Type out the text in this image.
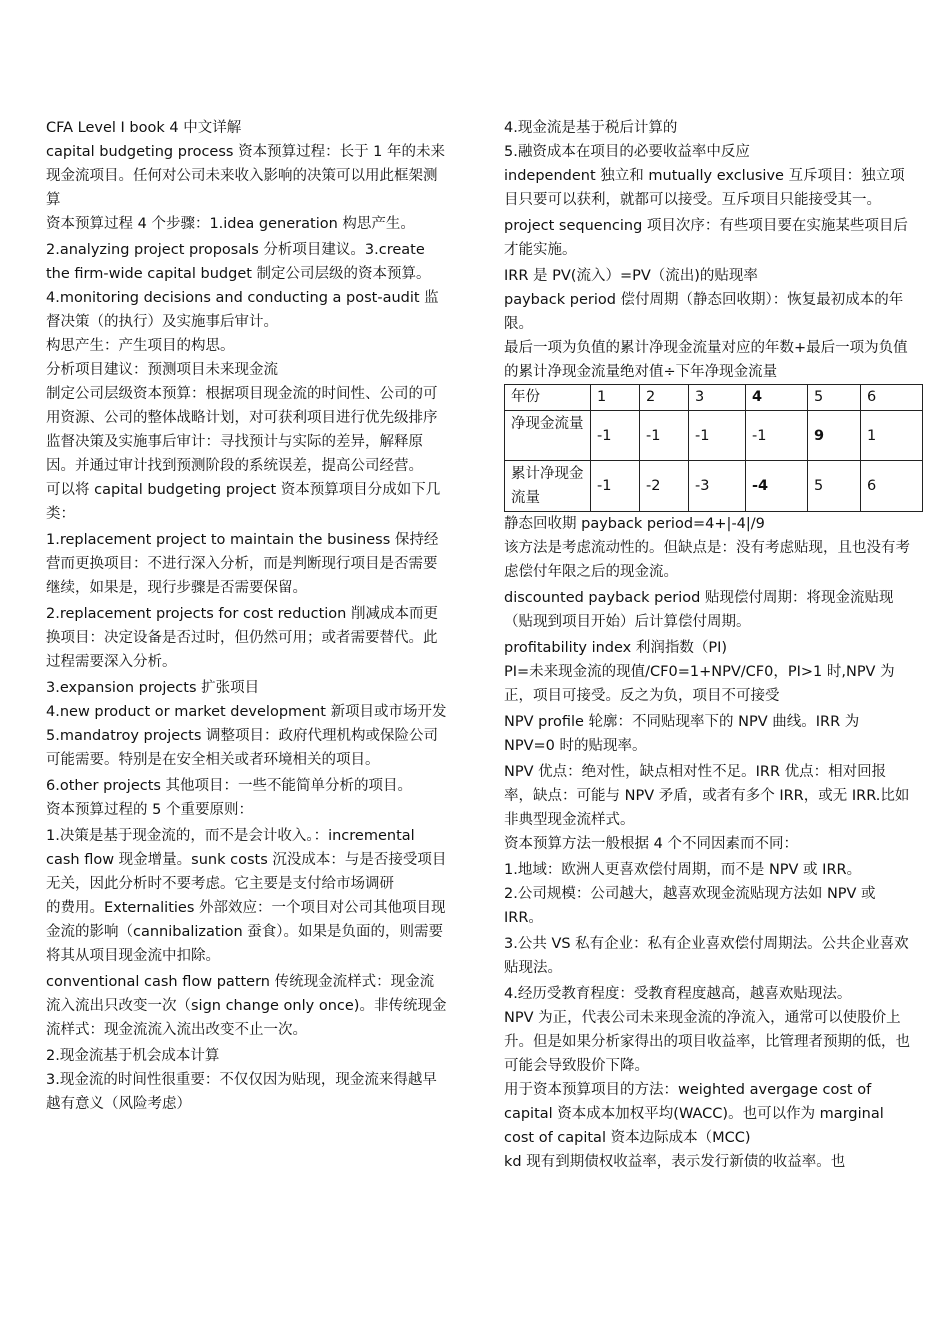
CFA Level I book 4 中文详解

capital budgeting process 资本预算过程：长于 1 年的未来现金流项目。任何对公司未来收入影响的决策可以用此框架测算

资本预算过程 4 个步骤：1.idea generation 构思产生。

2.analyzing project proposals 分析项目建议。3.create the firm-wide capital budget 制定公司层级的资本预算。

4.monitoring decisions and conducting a post-audit 监督决策（的执行）及实施事后审计。

构思产生：产生项目的构思。

分析项目建议：预测项目未来现金流

制定公司层级资本预算：根据项目现金流的时间性、公司的可用资源、公司的整体战略计划，对可获利项目进行优先级排序

监督决策及实施事后审计：寻找预计与实际的差异，解释原因。并通过审计找到预测阶段的系统误差，提高公司经营。

可以将 capital budgeting project 资本预算项目分成如下几类：

1.replacement project to maintain the business 保持经营而更换项目：不进行深入分析，而是判断现行项目是否需要继续，如果是，现行步骤是否需要保留。

2.replacement projects for cost reduction 削减成本而更换项目：决定设备是否过时，但仍然可用；或者需要替代。此过程需要深入分析。

3.expansion projects 扩张项目

4.new product or market development 新项目或市场开发

5.mandatroy projects 调整项目：政府代理机构或保险公司可能需要。特别是在安全相关或者环境相关的项目。

6.other projects 其他项目：一些不能简单分析的项目。

资本预算过程的 5 个重要原则：

1.决策是基于现金流的，而不是会计收入。：incremental cash flow 现金增量。sunk costs 沉没成本：与是否接受项目无关，因此分析时不要考虑。它主要是支付给市场调研

的费用。Externalities 外部效应：一个项目对公司其他项目现金流的影响（cannibalization 蚕食）。如果是负面的，则需要将其从项目现金流中扣除。

conventional cash flow pattern 传统现金流样式：现金流流入流出只改变一次（sign change only once)。非传统现金流样式：现金流流入流出改变不止一次。

2.现金流基于机会成本计算

3.现金流的时间性很重要：不仅仅因为贴现，现金流来得越早越有意义（风险考虑）

4.现金流是基于税后计算的

5.融资成本在项目的必要收益率中反应

independent 独立和 mutually exclusive 互斥项目：独立项目只要可以获利，就都可以接受。互斥项目只能接受其一。

project sequencing 项目次序：有些项目要在实施某些项目后才能实施。

IRR 是 PV(流入）=PV（流出)的贴现率

payback period 偿付周期（静态回收期）：恢复最初成本的年限。

最后一项为负值的累计净现金流量对应的年数+最后一项为负值的累计净现金流量绝对值÷下年净现金流量

年份	1	2	3	4	5	6
净现金流量	-1	-1	-1	-1	9	1
累计净现金流量	-1	-2	-3	-4	5	6

静态回收期 payback period=4+|-4|/9

该方法是考虑流动性的。但缺点是：没有考虑贴现，且也没有考虑偿付年限之后的现金流。

discounted payback period 贴现偿付周期：将现金流贴现（贴现到项目开始）后计算偿付周期。

profitability index 利润指数（PI)

PI=未来现金流的现值/CF0=1+NPV/CF0，PI>1 时,NPV 为正，项目可接受。反之为负，项目不可接受

NPV profile 轮廓：不同贴现率下的 NPV 曲线。IRR 为 NPV=0 时的贴现率。

NPV 优点：绝对性，缺点相对性不足。IRR 优点：相对回报率，缺点：可能与 NPV 矛盾，或者有多个 IRR，或无 IRR.比如非典型现金流样式。

资本预算方法一般根据 4 个不同因素而不同：

1.地域：欧洲人更喜欢偿付周期，而不是 NPV 或 IRR。

2.公司规模：公司越大，越喜欢现金流贴现方法如 NPV 或 IRR。

3.公共 VS 私有企业：私有企业喜欢偿付周期法。公共企业喜欢贴现法。

4.经历受教育程度：受教育程度越高，越喜欢贴现法。

NPV 为正，代表公司未来现金流的净流入，通常可以使股价上升。但是如果分析家得出的项目收益率，比管理者预期的低，也可能会导致股价下降。

用于资本预算项目的方法：weighted avergage cost of capital 资本成本加权平均(WACC)。也可以作为 marginal cost of capital 资本边际成本（MCC)

kd 现有到期债权收益率，表示发行新债的收益率。也
